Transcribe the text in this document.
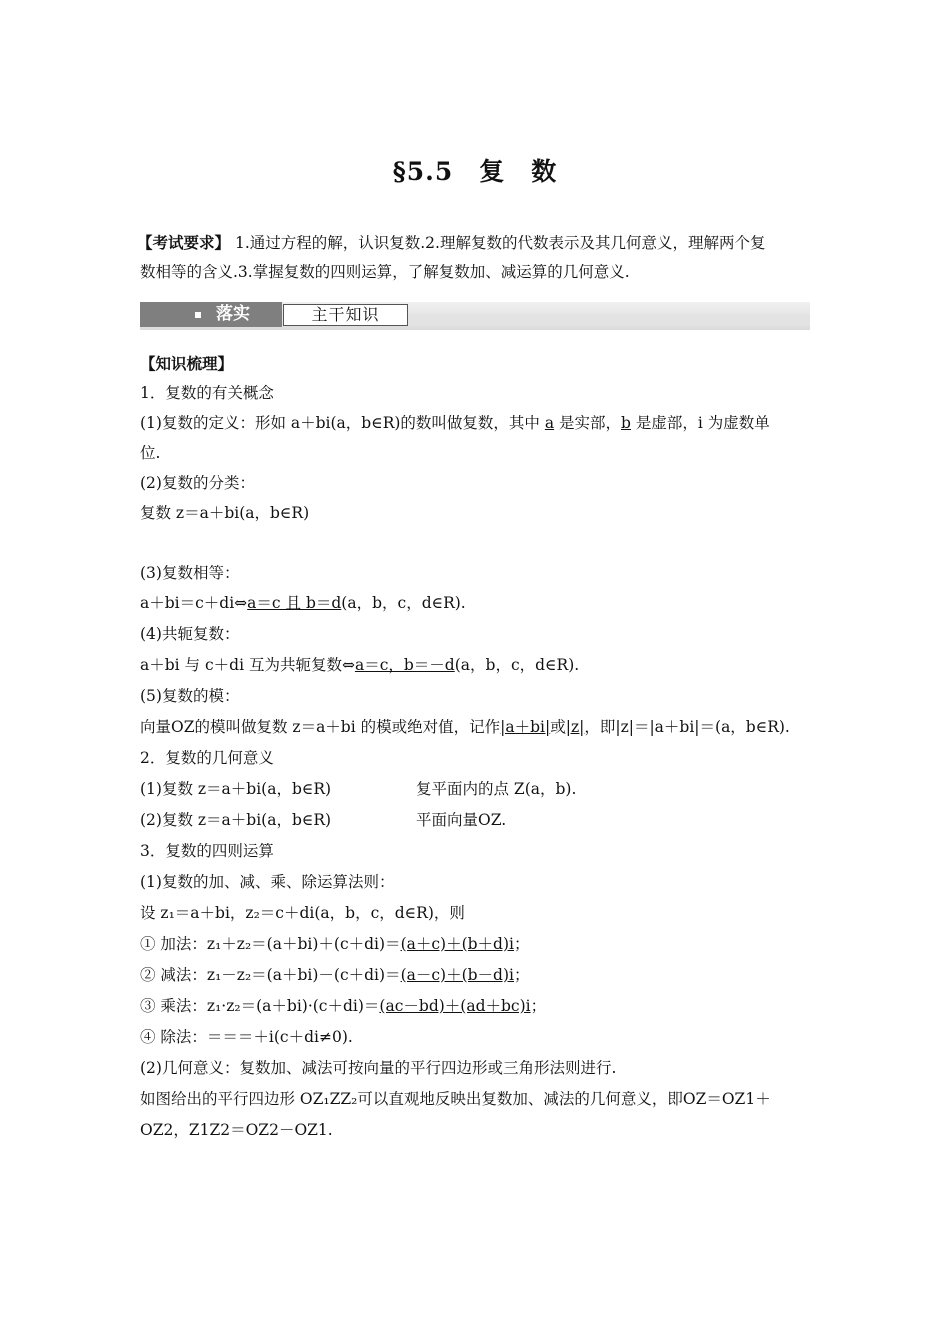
§5.5　复　数
【考试要求】 1.通过方程的解，认识复数.2.理解复数的代数表示及其几何意义，理解两个复
数相等的含义.3.掌握复数的四则运算，了解复数加、减运算的几何意义.
落实	主干知识
【知识梳理】
1．复数的有关概念
(1)复数的定义：形如 a＋bi(a，b∈R)的数叫做复数，其中 a 是实部，b 是虚部，i 为虚数单
位.
(2)复数的分类：
复数 z＝a＋bi(a，b∈R)
(3)复数相等：
a＋bi＝c＋di⇔a＝c 且 b＝d(a，b，c，d∈R).
(4)共轭复数：
a＋bi 与 c＋di 互为共轭复数⇔a＝c，b＝－d(a，b，c，d∈R).
(5)复数的模：
向量OZ的模叫做复数 z＝a＋bi 的模或绝对值，记作|a＋bi|或|z|，即|z|＝|a＋bi|＝(a，b∈R).
2．复数的几何意义
(1)复数 z＝a＋bi(a，b∈R)	复平面内的点 Z(a，b).
(2)复数 z＝a＋bi(a，b∈R)	平面向量OZ.
3．复数的四则运算
(1)复数的加、减、乘、除运算法则：
设 z₁＝a＋bi，z₂＝c＋di(a，b，c，d∈R)，则
① 加法：z₁＋z₂＝(a＋bi)＋(c＋di)＝(a＋c)＋(b＋d)i；
② 减法：z₁－z₂＝(a＋bi)－(c＋di)＝(a－c)＋(b－d)i；
③ 乘法：z₁·z₂＝(a＋bi)·(c＋di)＝(ac－bd)＋(ad＋bc)i；
④ 除法：＝＝＝＋i(c＋di≠0).
(2)几何意义：复数加、减法可按向量的平行四边形或三角形法则进行.
如图给出的平行四边形 OZ₁ZZ₂可以直观地反映出复数加、减法的几何意义，即OZ＝OZ1＋
OZ2，Z1Z2＝OZ2－OZ1.
